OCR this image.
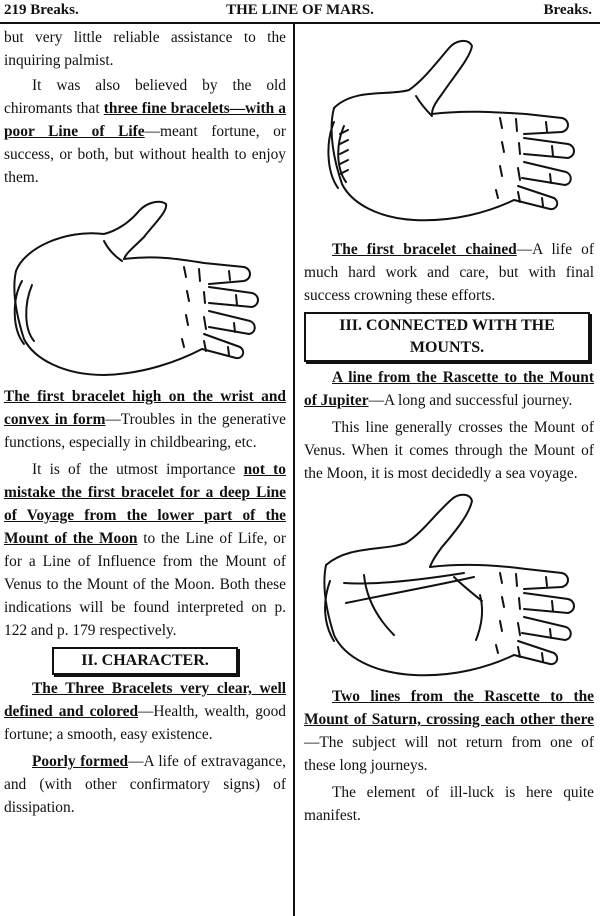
219 Breaks.	THE LINE OF MARS.	Breaks.

but very little reliable assistance to the inquiring palmist.

It was also believed by the old chiromants that three fine bracelets—with a poor Line of Life—meant fortune, or success, or both, but without health to enjoy them.

The first bracelet high on the wrist and convex in form—Troubles in the generative functions, especially in childbearing, etc.

It is of the utmost importance not to mistake the first bracelet for a deep Line of Voyage from the lower part of the Mount of the Moon to the Line of Life, or for a Line of Influence from the Mount of Venus to the Mount of the Moon. Both these indications will be found interpreted on p. 122 and p. 179 respectively.

II. CHARACTER.

The Three Bracelets very clear, well defined and colored—Health, wealth, good fortune; a smooth, easy existence.

Poorly formed—A life of extravagance, and (with other confirmatory signs) of dissipation.

The first bracelet chained—A life of much hard work and care, but with final success crowning these efforts.

III. CONNECTED WITH THE MOUNTS.

A line from the Rascette to the Mount of Jupiter—A long and successful journey.

This line generally crosses the Mount of Venus. When it comes through the Mount of the Moon, it is most decidedly a sea voyage.

Two lines from the Rascette to the Mount of Saturn, crossing each other there—The subject will not return from one of these long journeys.

The element of ill-luck is here quite manifest.
